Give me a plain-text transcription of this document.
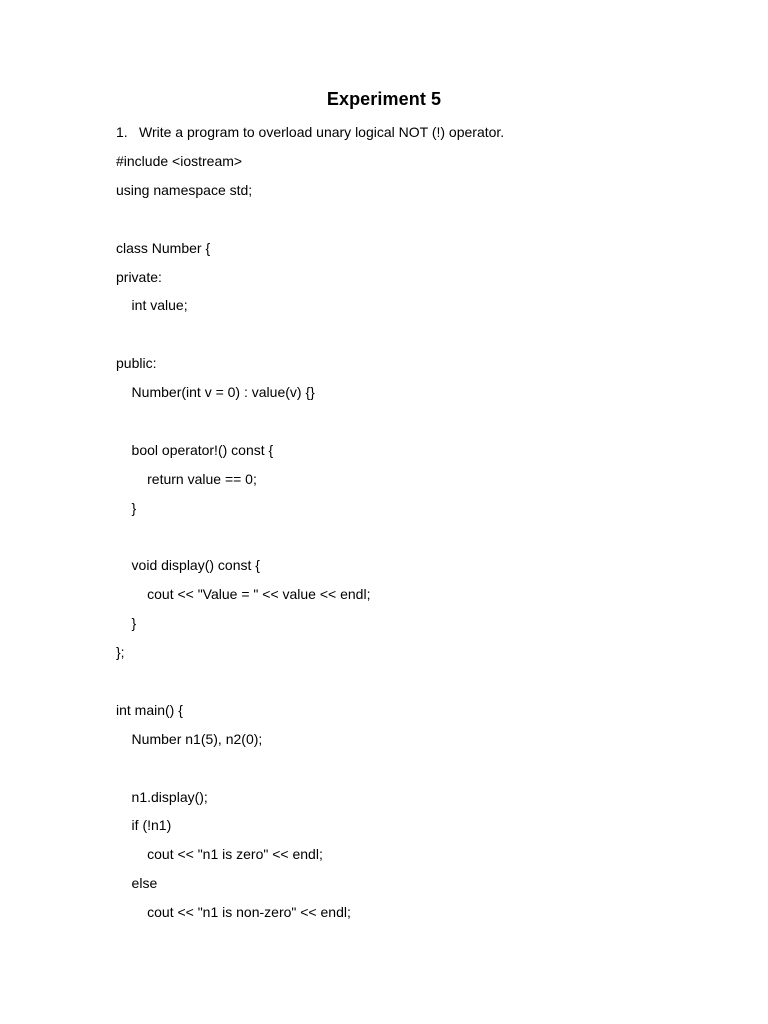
Experiment 5
1. Write a program to overload unary logical NOT (!) operator.
#include <iostream>
using namespace std;
class Number {
private:
int value;
public:
Number(int v = 0) : value(v) {}
bool operator!() const {
return value == 0;
}
void display() const {
cout << "Value = " << value << endl;
}
};
int main() {
Number n1(5), n2(0);
n1.display();
if (!n1)
cout << "n1 is zero" << endl;
else
cout << "n1 is non-zero" << endl;
